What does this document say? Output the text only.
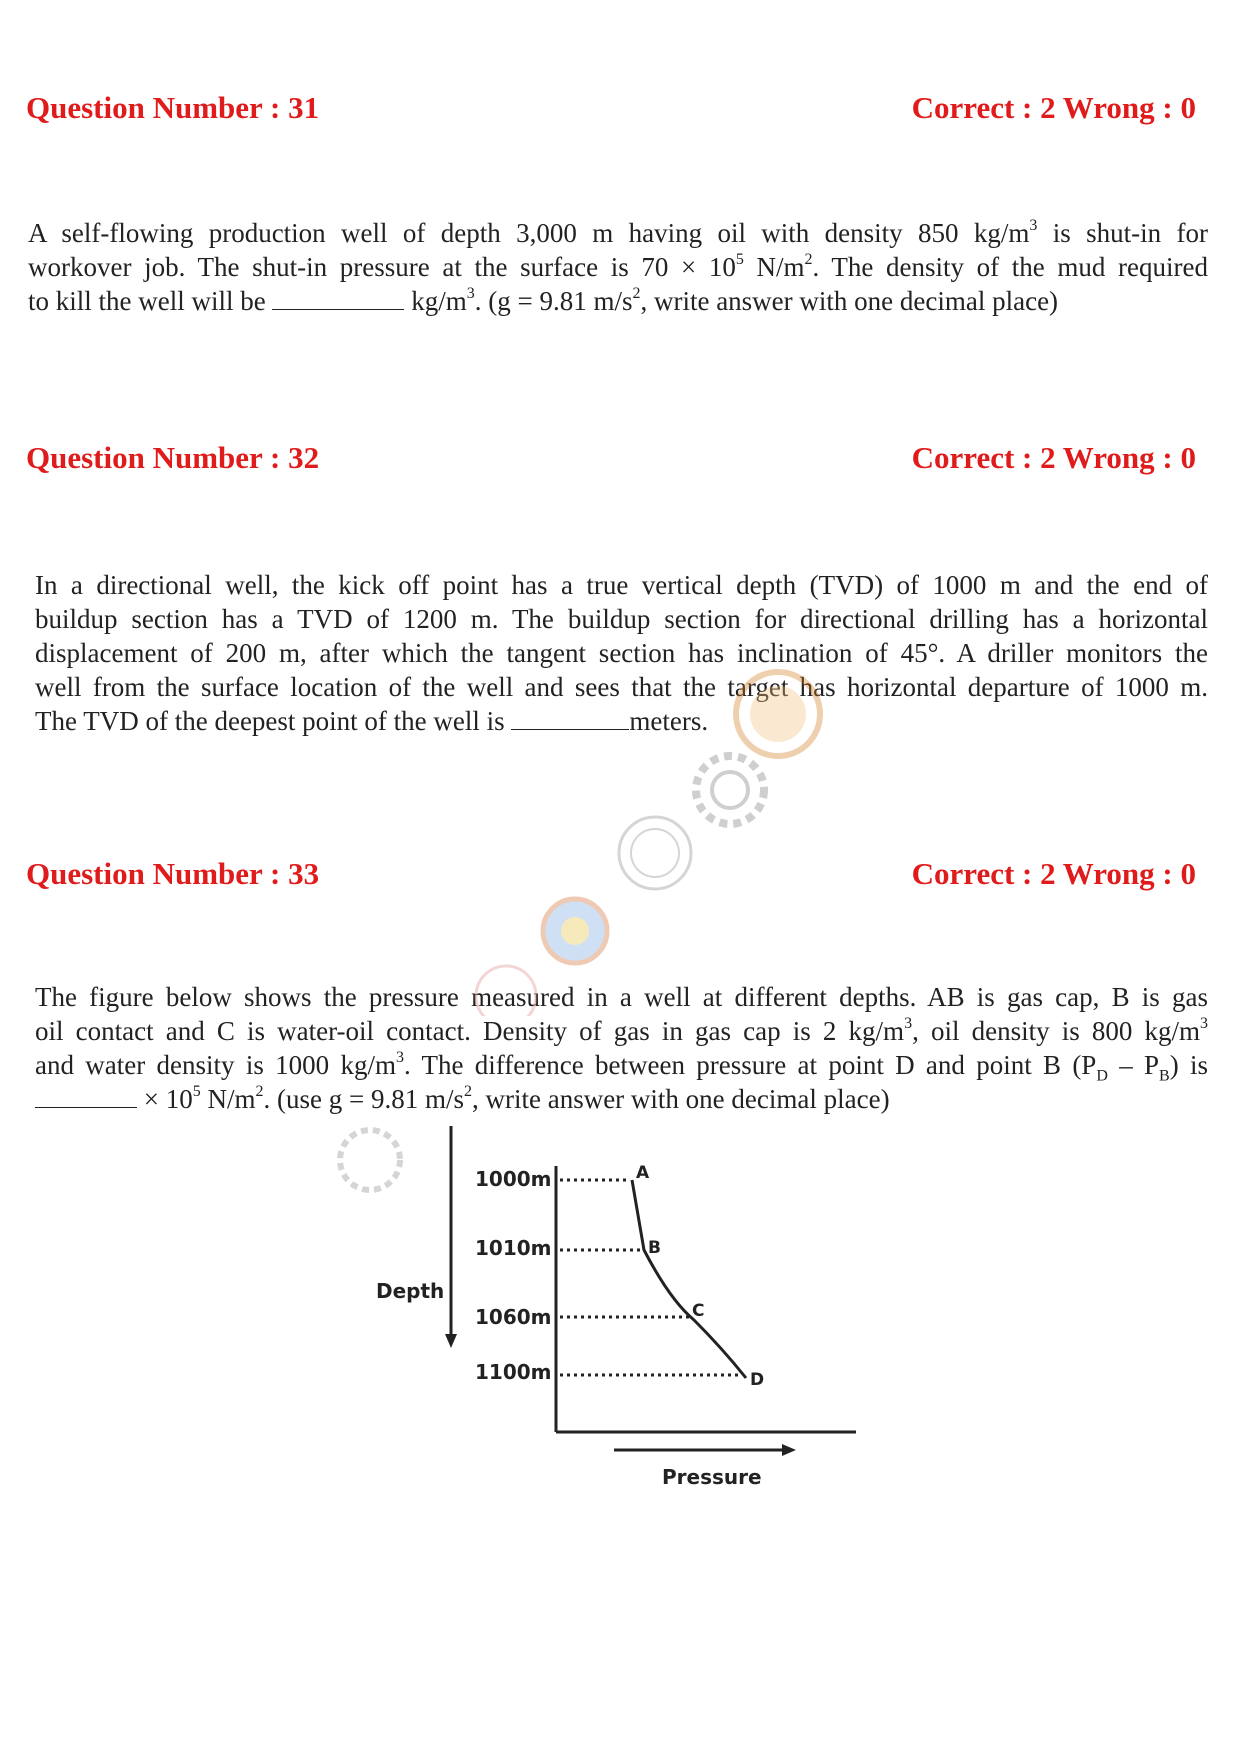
Question Number : 31	Correct : 2 Wrong : 0
A self-flowing production well of depth 3,000 m having oil with density 850 $kg/m^3$ is shut-in for
workover job. The shut-in pressure at the surface is $70 \times 10^5$ $N/m^2$. The density of the mud required
to kill the well will be	$kg/m^3$. (g = 9.81 $m/s^2$, write answer with one decimal place)
Question Number : 32	Correct : 2 Wrong : 0
In a directional well, the kick off point has a true vertical depth (TVD) of 1000 m and the end of
buildup section has a TVD of 1200 m. The buildup section for directional drilling has a horizontal
displacement of 200 m, after which the tangent section has inclination of 45°. A driller monitors the
well from the surface location of the well and sees that the target has horizontal departure of 1000 m.
The TVD of the deepest point of the well is	meters.
Question Number : 33	Correct : 2 Wrong : 0
The figure below shows the pressure measured in a well at different depths. AB is gas cap, B is gas
oil contact and C is water-oil contact. Density of gas in gas cap is 2 $kg/m^3$, oil density is 800 $kg/m^3$
and water density is 1000 $kg/m^3$. The difference between pressure at point D and point B $(P_D - P_B)$ is
× $10^5$ $N/m^2$. (use g = 9.81 $m/s^2$, write answer with one decimal place)
Depth
Pressure
1000m
1010m
1060m
1100m
A
B
C
D
